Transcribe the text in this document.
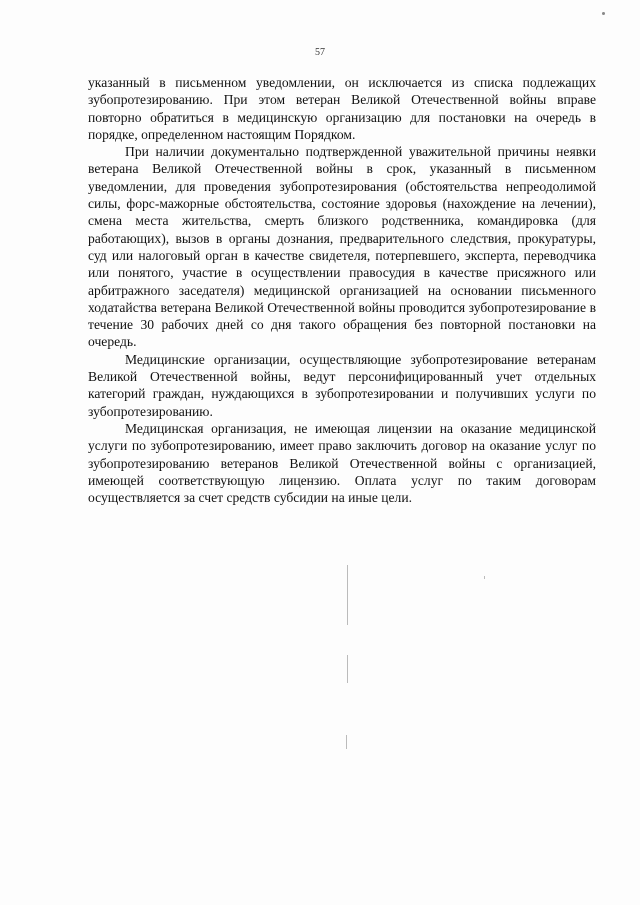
57

указанный в письменном уведомлении, он исключается из списка подлежащих зубопротезированию. При этом ветеран Великой Отечественной войны вправе повторно обратиться в медицинскую организацию для постановки на очередь в порядке, определенном настоящим Порядком.

При наличии документально подтвержденной уважительной причины неявки ветерана Великой Отечественной войны в срок, указанный в письменном уведомлении, для проведения зубопротезирования (обстоятельства непреодолимой силы, форс-мажорные обстоятельства, состояние здоровья (нахождение на лечении), смена места жительства, смерть близкого родственника, командировка (для работающих), вызов в органы дознания, предварительного следствия, прокуратуры, суд или налоговый орган в качестве свидетеля, потерпевшего, эксперта, переводчика или понятого, участие в осуществлении правосудия в качестве присяжного или арбитражного заседателя) медицинской организацией на основании письменного ходатайства ветерана Великой Отечественной войны проводится зубопротезирование в течение 30 рабочих дней со дня такого обращения без повторной постановки на очередь.

Медицинские организации, осуществляющие зубопротезирование ветеранам Великой Отечественной войны, ведут персонифицированный учет отдельных категорий граждан, нуждающихся в зубопротезировании и получивших услуги по зубопротезированию.

Медицинская организация, не имеющая лицензии на оказание медицинской услуги по зубопротезированию, имеет право заключить договор на оказание услуг по зубопротезированию ветеранов Великой Отечественной войны с организацией, имеющей соответствующую лицензию. Оплата услуг по таким договорам осуществляется за счет средств субсидии на иные цели.
